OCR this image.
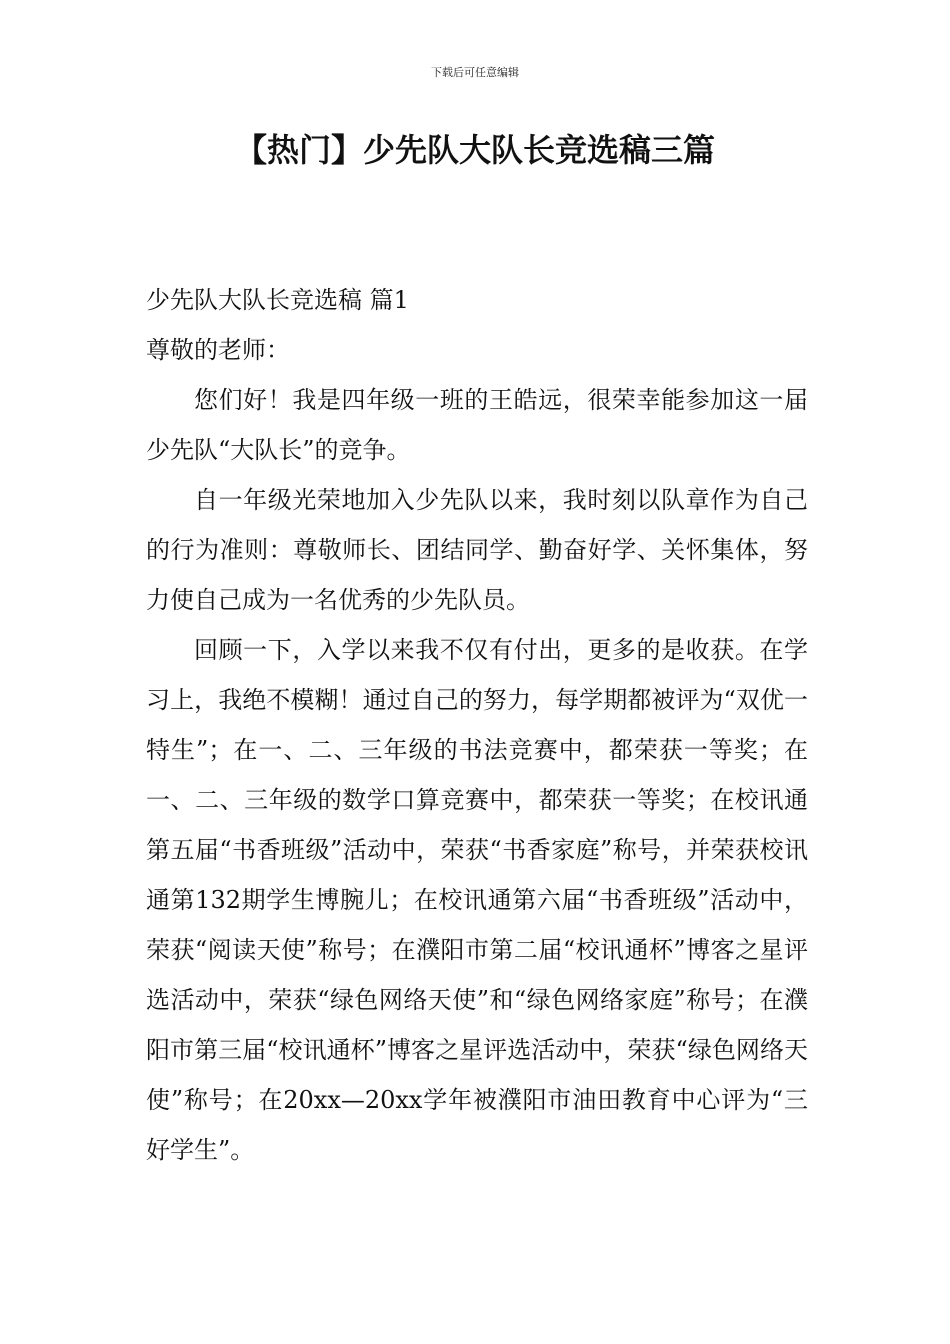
下载后可任意编辑
【热门】少先队大队长竞选稿三篇

少先队大队长竞选稿 篇1

尊敬的老师：

您们好！我是四年级一班的王皓远，很荣幸能参加这一届少先队“大队长”的竞争。

自一年级光荣地加入少先队以来，我时刻以队章作为自己的行为准则：尊敬师长、团结同学、勤奋好学、关怀集体，努力使自己成为一名优秀的少先队员。

回顾一下，入学以来我不仅有付出，更多的是收获。在学习上，我绝不模糊！通过自己的努力，每学期都被评为“双优一特生”；在一、二、三年级的书法竞赛中，都荣获一等奖；在一、二、三年级的数学口算竞赛中，都荣获一等奖；在校讯通第五届“书香班级”活动中，荣获“书香家庭”称号，并荣获校讯通第132期学生博腕儿；在校讯通第六届“书香班级”活动中，荣获“阅读天使”称号；在濮阳市第二届“校讯通杯”博客之星评选活动中，荣获“绿色网络天使”和“绿色网络家庭”称号；在濮阳市第三届“校讯通杯”博客之星评选活动中，荣获“绿色网络天使”称号；在20xx—20xx学年被濮阳市油田教育中心评为“三好学生”。
